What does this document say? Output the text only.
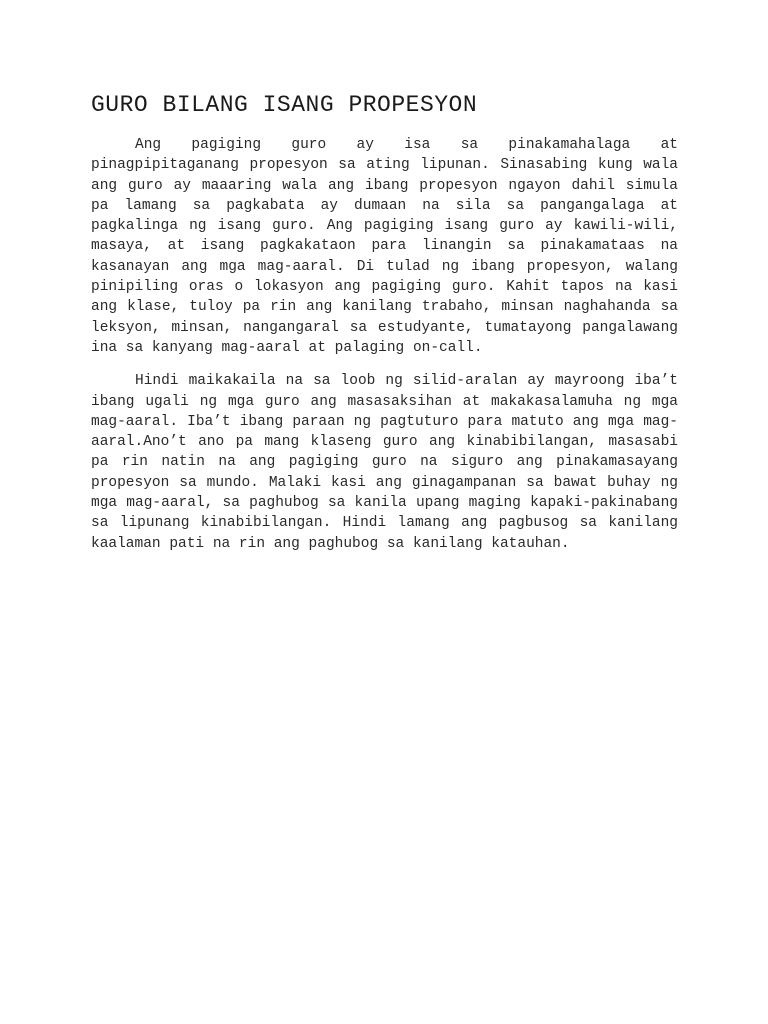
GURO BILANG ISANG PROPESYON

Ang pagiging guro ay isa sa pinakamahalaga at pinagpipitaganang propesyon sa ating lipunan. Sinasabing kung wala ang guro ay maaaring wala ang ibang propesyon ngayon dahil simula pa lamang sa pagkabata ay dumaan na sila sa pangangalaga at pagkalinga ng isang guro. Ang pagiging isang guro ay kawili-wili, masaya, at isang pagkakataon para linangin sa pinakamataas na kasanayan ang mga mag-aaral. Di tulad ng ibang propesyon, walang pinipiling oras o lokasyon ang pagiging guro. Kahit tapos na kasi ang klase, tuloy pa rin ang kanilang trabaho, minsan naghahanda sa leksyon, minsan, nangangaral sa estudyante, tumatayong pangalawang ina sa kanyang mag-aaral at palaging on-call.

Hindi maikakaila na sa loob ng silid-aralan ay mayroong iba’t ibang ugali ng mga guro ang masasaksihan at makakasalamuha ng mga mag-aaral. Iba’t ibang paraan ng pagtuturo para matuto ang mga mag-aaral.Ano’t ano pa mang klaseng guro ang kinabibilangan, masasabi pa rin natin na ang pagiging guro na siguro ang pinakamasayang propesyon sa mundo. Malaki kasi ang ginagampanan sa bawat buhay ng mga mag-aaral, sa paghubog sa kanila upang maging kapaki-pakinabang sa lipunang kinabibilangan. Hindi lamang ang pagbusog sa kanilang kaalaman pati na rin ang paghubog sa kanilang katauhan.
